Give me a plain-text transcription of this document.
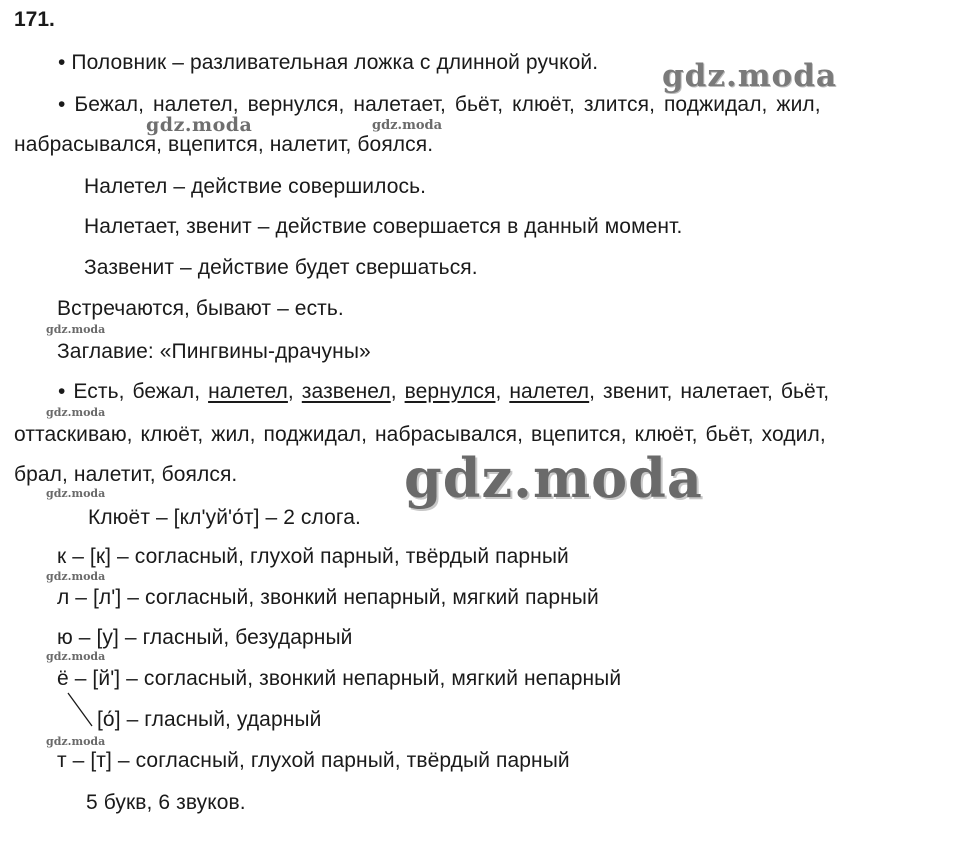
171.
• Половник – разливательная ложка с длинной ручкой.
• Бежал, налетел, вернулся, налетает, бьёт, клюёт, злится, поджидал, жил,
набрасывался, вцепится, налетит, боялся.
Налетел – действие совершилось.
Налетает, звенит – действие совершается в данный момент.
Зазвенит – действие будет свершаться.
Встречаются, бывают – есть.
Заглавие: «Пингвины-драчуны»
• Есть, бежал, налетел, зазвенел, вернулся, налетел, звенит, налетает, бьёт,
оттаскиваю, клюёт, жил, поджидал, набрасывался, вцепится, клюёт, бьёт, ходил,
брал, налетит, боялся.
Клюёт – [кл'уй'о́т] – 2 слога.
к – [к] – согласный, глухой парный, твёрдый парный
л – [л'] – согласный, звонкий непарный, мягкий парный
ю – [у] – гласный, безударный
ё – [й'] – согласный, звонкий непарный, мягкий непарный
[о́] – гласный, ударный
т – [т] – согласный, глухой парный, твёрдый парный
5 букв, 6 звуков.
gdz.moda
gdz.moda	gdz.moda
gdz.moda
gdz.moda
gdz.moda
gdz.moda
gdz.moda
gdz.moda
gdz.moda
